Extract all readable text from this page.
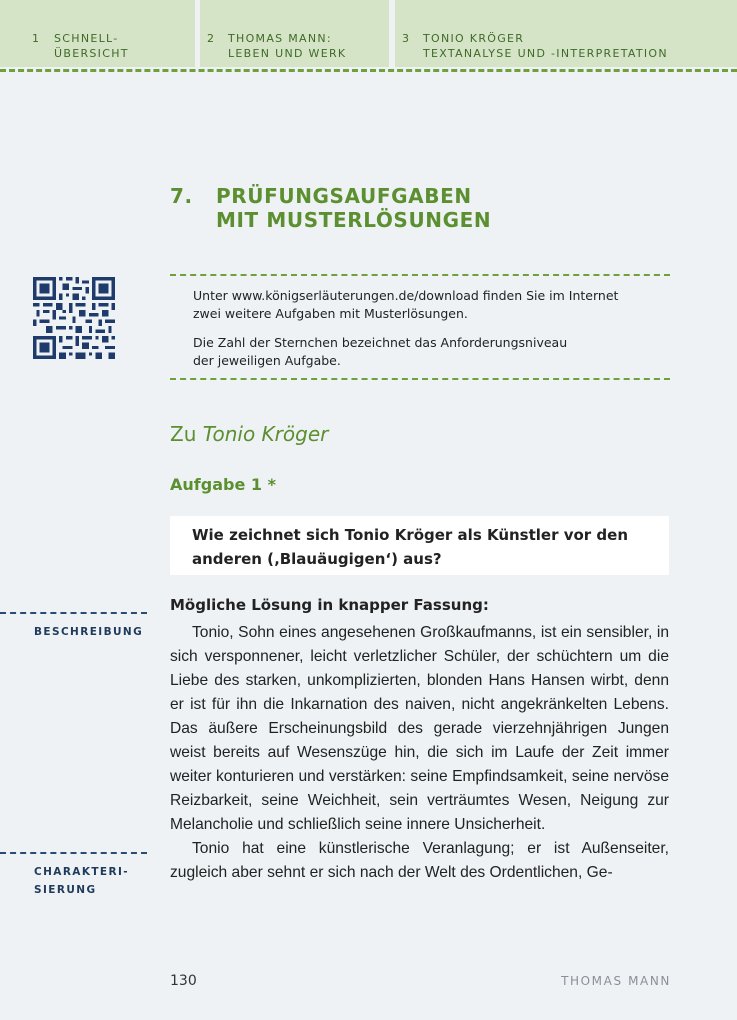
1 SCHNELL-
ÜBERSICHT
2 THOMAS MANN:
LEBEN UND WERK
3 TONIO KRÖGER
TEXTANALYSE UND -INTERPRETATION
7. PRÜFUNGSAUFGABEN
MIT MUSTERLÖSUNGEN
Unter www.königserläuterungen.de/download finden Sie im Internet
zwei weitere Aufgaben mit Musterlösungen.
Die Zahl der Sternchen bezeichnet das Anforderungsniveau
der jeweiligen Aufgabe.
Zu Tonio Kröger
Aufgabe 1 *
Wie zeichnet sich Tonio Kröger als Künstler vor den
anderen (‚Blauäugigen‘) aus?
Mögliche Lösung in knapper Fassung:

Tonio, Sohn eines angesehenen Großkaufmanns, ist ein sensibler, in sich versponnener, leicht verletzlicher Schüler, der schüchtern um die Liebe des starken, unkomplizierten, blonden Hans Hansen wirbt, denn er ist für ihn die Inkarnation des naiven, nicht angekränkelten Lebens. Das äußere Erscheinungsbild des gerade vierzehnjährigen Jungen weist bereits auf Wesenszüge hin, die sich im Laufe der Zeit immer weiter konturieren und verstärken: seine Empfindsamkeit, seine nervöse Reizbarkeit, seine Weichheit, sein verträumtes Wesen, Neigung zur Melancholie und schließlich seine innere Unsicherheit.

Tonio hat eine künstlerische Veranlagung; er ist Außenseiter, zugleich aber sehnt er sich nach der Welt des Ordentlichen, Ge-

BESCHREIBUNG
CHARAKTERI-
SIERUNG
130	THOMAS MANN
